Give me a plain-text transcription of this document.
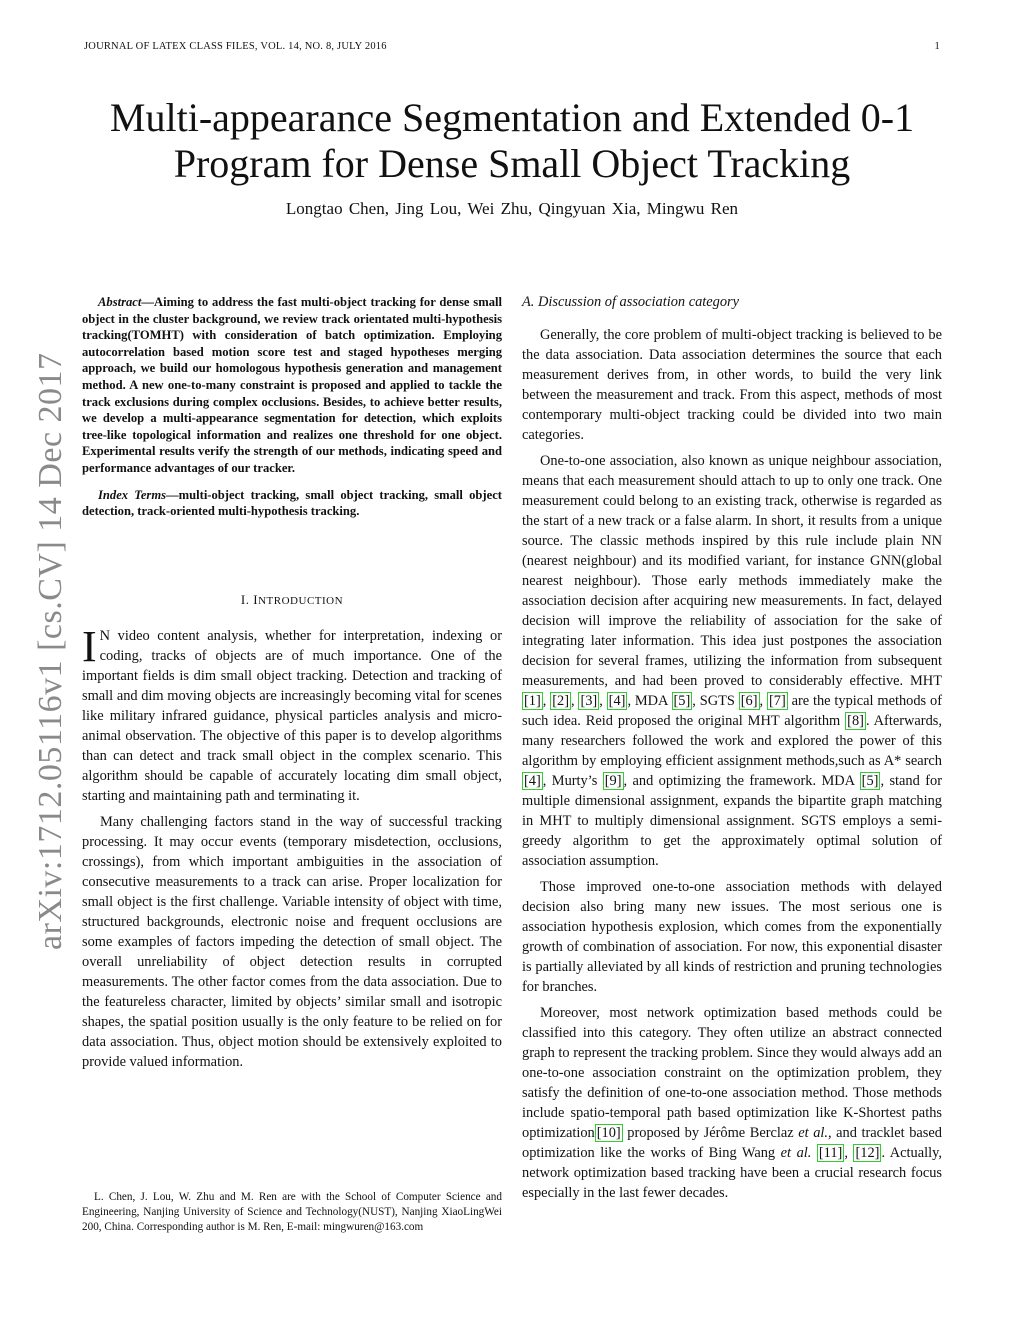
JOURNAL OF LATEX CLASS FILES, VOL. 14, NO. 8, JULY 2016	1
arXiv:1712.05116v1 [cs.CV] 14 Dec 2017
Multi-appearance Segmentation and Extended 0-1 Program for Dense Small Object Tracking
Longtao Chen, Jing Lou, Wei Zhu, Qingyuan Xia, Mingwu Ren

Abstract—Aiming to address the fast multi-object tracking for dense small object in the cluster background, we review track orientated multi-hypothesis tracking(TOMHT) with consideration of batch optimization. Employing autocorrelation based motion score test and staged hypotheses merging approach, we build our homologous hypothesis generation and management method. A new one-to-many constraint is proposed and applied to tackle the track exclusions during complex occlusions. Besides, to achieve better results, we develop a multi-appearance segmentation for detection, which exploits tree-like topological information and realizes one threshold for one object. Experimental results verify the strength of our methods, indicating speed and performance advantages of our tracker.

Index Terms—multi-object tracking, small object tracking, small object detection, track-oriented multi-hypothesis tracking.

I. INTRODUCTION

I N video content analysis, whether for interpretation, indexing or coding, tracks of objects are of much importance. One of the important fields is dim small object tracking. Detection and tracking of small and dim moving objects are increasingly becoming vital for scenes like military infrared guidance, physical particles analysis and micro-animal observation. The objective of this paper is to develop algorithms than can detect and track small object in the complex scenario. This algorithm should be capable of accurately locating dim small object, starting and maintaining path and terminating it.

Many challenging factors stand in the way of successful tracking processing. It may occur events (temporary misdetection, occlusions, crossings), from which important ambiguities in the association of consecutive measurements to a track can arise. Proper localization for small object is the first challenge. Variable intensity of object with time, structured backgrounds, electronic noise and frequent occlusions are some examples of factors impeding the detection of small object. The overall unreliability of object detection results in corrupted measurements. The other factor comes from the data association. Due to the featureless character, limited by objects’ similar small and isotropic shapes, the spatial position usually is the only feature to be relied on for data association. Thus, object motion should be extensively exploited to provide valued information.

L. Chen, J. Lou, W. Zhu and M. Ren are with the School of Computer Science and Engineering, Nanjing University of Science and Technology(NUST), Nanjing XiaoLingWei 200, China. Corresponding author is M. Ren, E-mail: mingwuren@163.com
A. Discussion of association category

Generally, the core problem of multi-object tracking is believed to be the data association. Data association determines the source that each measurement derives from, in other words, to build the very link between the measurement and track. From this aspect, methods of most contemporary multi-object tracking could be divided into two main categories.

One-to-one association, also known as unique neighbour association, means that each measurement should attach to up to only one track. One measurement could belong to an existing track, otherwise is regarded as the start of a new track or a false alarm. In short, it results from a unique source. The classic methods inspired by this rule include plain NN (nearest neighbour) and its modified variant, for instance GNN(global nearest neighbour). Those early methods immediately make the association decision after acquiring new measurements. In fact, delayed decision will improve the reliability of association for the sake of integrating later information. This idea just postpones the association decision for several frames, utilizing the information from subsequent measurements, and had been proved to considerably effective. MHT [1] , [2] , [3] , [4] , MDA [5] , SGTS [6] , [7] are the typical methods of such idea. Reid proposed the original MHT algorithm [8] . Afterwards, many researchers followed the work and explored the power of this algorithm by employing efficient assignment methods,such as A* search [4] , Murty’s [9] , and optimizing the framework. MDA [5] , stand for multiple dimensional assignment, expands the bipartite graph matching in MHT to multiply dimensional assignment. SGTS employs a semi-greedy algorithm to get the approximately optimal solution of association assumption.

Those improved one-to-one association methods with delayed decision also bring many new issues. The most serious one is association hypothesis explosion, which comes from the exponentially growth of combination of association. For now, this exponential disaster is partially alleviated by all kinds of restriction and pruning technologies for branches.

Moreover, most network optimization based methods could be classified into this category. They often utilize an abstract connected graph to represent the tracking problem. Since they would always add an one-to-one association constraint on the optimization problem, they satisfy the definition of one-to-one association method. Those methods include spatio-temporal path based optimization like K-Shortest paths optimization [10] proposed by Jérôme Berclaz et al., and tracklet based optimization like the works of Bing Wang et al. [11] , [12] . Actually, network optimization based tracking have been a crucial research focus especially in the last fewer decades.
